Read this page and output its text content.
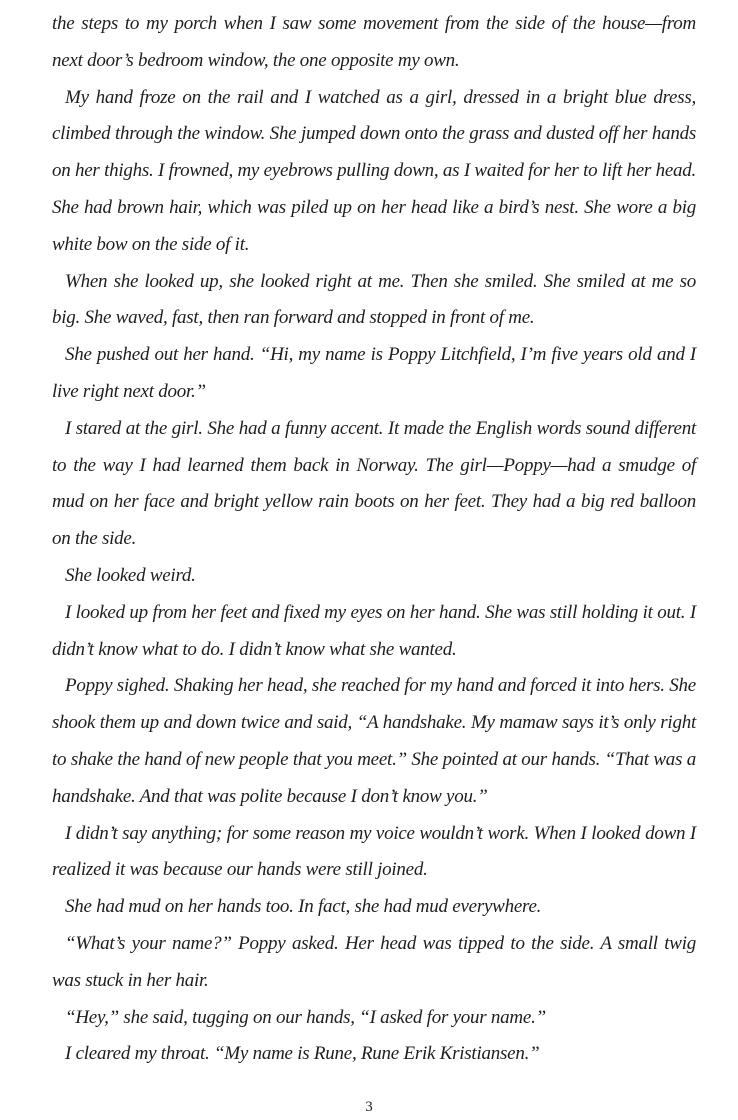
the steps to my porch when I saw some movement from the side of the house—from next door’s bedroom window, the one opposite my own.

My hand froze on the rail and I watched as a girl, dressed in a bright blue dress, climbed through the window. She jumped down onto the grass and dusted off her hands on her thighs. I frowned, my eyebrows pulling down, as I waited for her to lift her head. She had brown hair, which was piled up on her head like a bird’s nest. She wore a big white bow on the side of it.

When she looked up, she looked right at me. Then she smiled. She smiled at me so big. She waved, fast, then ran forward and stopped in front of me.

She pushed out her hand. “Hi, my name is Poppy Litchfield, I’m five years old and I live right next door.”

I stared at the girl. She had a funny accent. It made the English words sound different to the way I had learned them back in Norway. The girl—Poppy—had a smudge of mud on her face and bright yellow rain boots on her feet. They had a big red balloon on the side.

She looked weird.

I looked up from her feet and fixed my eyes on her hand. She was still holding it out. I didn’t know what to do. I didn’t know what she wanted.

Poppy sighed. Shaking her head, she reached for my hand and forced it into hers. She shook them up and down twice and said, “A handshake. My mamaw says it’s only right to shake the hand of new people that you meet.” She pointed at our hands. “That was a handshake. And that was polite because I don’t know you.”

I didn’t say anything; for some reason my voice wouldn’t work. When I looked down I realized it was because our hands were still joined.

She had mud on her hands too. In fact, she had mud everywhere.

“What’s your name?” Poppy asked. Her head was tipped to the side. A small twig was stuck in her hair.

“Hey,” she said, tugging on our hands, “I asked for your name.”

I cleared my throat. “My name is Rune, Rune Erik Kristiansen.”

3
